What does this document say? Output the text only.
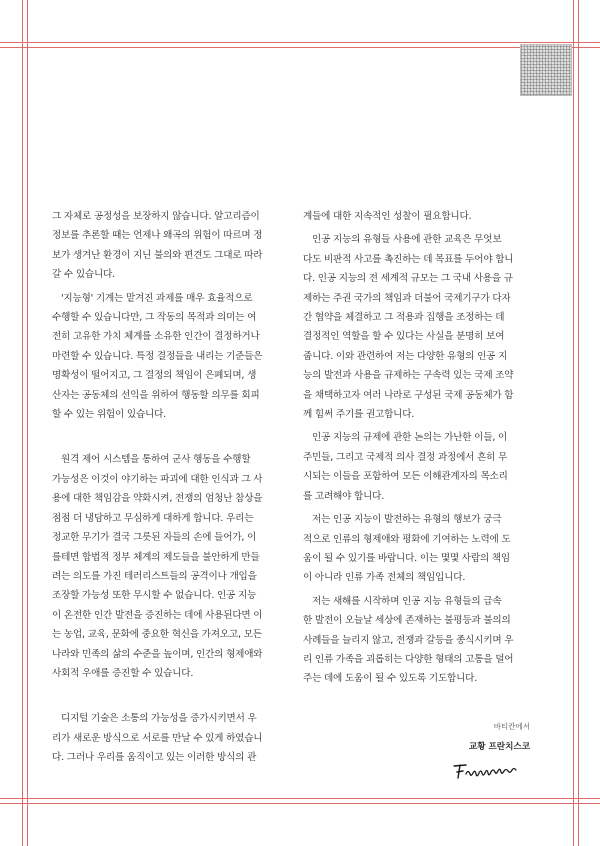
그 자체로 공정성을 보장하지 않습니다. 알고리즘이

정보를 추론할 때는 언제나 왜곡의 위험이 따르며 정

보가 생겨난 환경이 지닌 불의와 편견도 그대로 따라

갈 수 있습니다.

'지능형' 기계는 맡겨진 과제를 매우 효율적으로

수행할 수 있습니다만, 그 작동의 목적과 의미는 여

전히 고유한 가치 체계를 소유한 인간이 결정하거나

마련할 수 있습니다. 특정 결정들을 내리는 기준들은

명확성이 떨어지고, 그 결정의 책임이 은폐되며, 생

산자는 공동체의 선익을 위하여 행동할 의무를 회피

할 수 있는 위험이 있습니다.

원격 제어 시스템을 통하여 군사 행동을 수행할

가능성은 이것이 야기하는 파괴에 대한 인식과 그 사

용에 대한 책임감을 약화시켜, 전쟁의 엄청난 참상을

점점 더 냉담하고 무심하게 대하게 합니다. 우리는

정교한 무기가 결국 그릇된 자들의 손에 들어가, 이

를테면 합법적 정부 체계의 제도들을 불안하게 만들

려는 의도를 가진 테러리스트들의 공격이나 개입을

조장할 가능성 또한 무시할 수 없습니다. 인공 지능

이 온전한 인간 발전을 증진하는 데에 사용된다면 이

는 농업, 교육, 문화에 중요한 혁신을 가져오고, 모든

나라와 민족의 삶의 수준을 높이며, 인간의 형제애와

사회적 우애를 증진할 수 있습니다.

디지털 기술은 소통의 가능성을 증가시키면서 우

리가 새로운 방식으로 서로를 만날 수 있게 하였습니

다. 그러나 우리를 움직이고 있는 이러한 방식의 관

계들에 대한 지속적인 성찰이 필요합니다.

인공 지능의 유형들 사용에 관한 교육은 무엇보

다도 비판적 사고를 촉진하는 데 목표를 두어야 합니

다. 인공 지능의 전 세계적 규모는 그 국내 사용을 규

제하는 주권 국가의 책임과 더불어 국제기구가 다자

간 협약을 체결하고 그 적용과 집행을 조정하는 데

결정적인 역할을 할 수 있다는 사실을 분명히 보여

줍니다. 이와 관련하여 저는 다양한 유형의 인공 지

능의 발전과 사용을 규제하는 구속력 있는 국제 조약

을 채택하고자 여러 나라로 구성된 국제 공동체가 함

께 힘써 주기를 권고합니다.

인공 지능의 규제에 관한 논의는 가난한 이들, 이

주민들, 그리고 국제적 의사 결정 과정에서 흔히 무

시되는 이들을 포함하여 모든 이해관계자의 목소리

를 고려해야 합니다.

저는 인공 지능이 발전하는 유형의 행보가 궁극

적으로 인류의 형제애와 평화에 기여하는 노력에 도

움이 될 수 있기를 바랍니다. 이는 몇몇 사람의 책임

이 아니라 인류 가족 전체의 책임입니다.

저는 새해를 시작하며 인공 지능 유형들의 급속

한 발전이 오늘날 세상에 존재하는 불평등과 불의의

사례들을 늘리지 않고, 전쟁과 갈등을 종식시키며 우

리 인류 가족을 괴롭히는 다양한 형태의 고통을 덜어

주는 데에 도움이 될 수 있도록 기도합니다.

바티칸에서
교황 프란치스코
